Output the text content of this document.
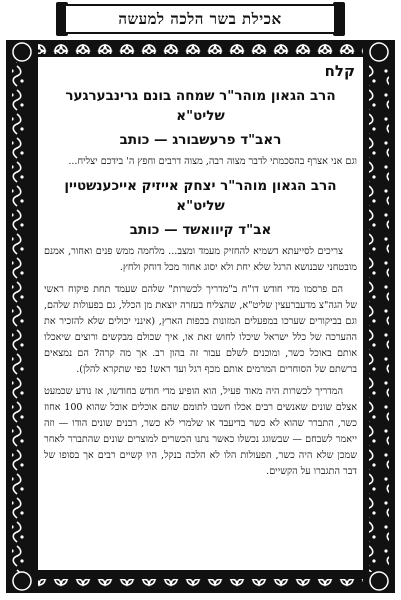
אכילת בשר הלכה למעשה
קלח
הרב הגאון מוהר"ר שמחה בונם גרינבערגער
שליט"א
ראב"ד פרעשבורג — כותב

וגם אני אצרף בהסכמתי לדבר מצוה רבה, מצוה דרבים וחפץ ה' בידכם יצליח...

הרב הגאון מוהר"ר יצחק אייזיק אייכענשטיין
שליט"א
אב"ד קיוואשד — כותב

צריכים לסייעתא דשמיא להחזיק מעמד ומצב... מלחמה ממש פנים ואחור, אמנם מובטחני שבנושא הרגל שלא יחת ולא יסוג אחור מכל דוחק ולחץ.

הם פרסמו מדי חודש דו"ח ב"מדריך לכשרות" שלהם שעמד תחת פיקוח ראשי של הגה"צ מדעברעצין שליט"א, שהצליח בעזרה יוצאת מן הכלל, גם בפעולות שלהם, וגם בביקורים שערכו במפעלים המזונות בכפות הארץ, (אינני יכולים שלא להזכיר את ההערכה של כלל ישראל שיכלו לחוש זאת או, איך שכולם מבקשים ורוצים שיאכלו אותם באוכל כשר, ומוכנים לשלם עבור זה בהון רב. אך מה קרה? הם נמצאים ברשתם של הסוחרים המרמים אותם מכף רגל ועד ראש! כפי שתקרא להלן).

המדריך לכשרות היה מאוד פעיל, הוא הופיע מדי חודש בחודשו, אז נודע שכמעט אצלם שונים שאנשים רבים אכלו חשבו לתומם שהם אוכלים אוכל שהוא 100 אחוז כשר, התברר שהוא לא כשר בדיעבד או שלמרי לא כשר, רבנים שונים הודו — וזה ייאמר לשבחם — שבשוגג נכשלו כאשר נתנו הכשרים למוצרים שונים שהתברר לאחר שמכן שלא היה כשר, הפעולות הלו לא הלכה בנקל, היו קשיים רבים אך בסופו של דבר התגברו על הקשיים.
